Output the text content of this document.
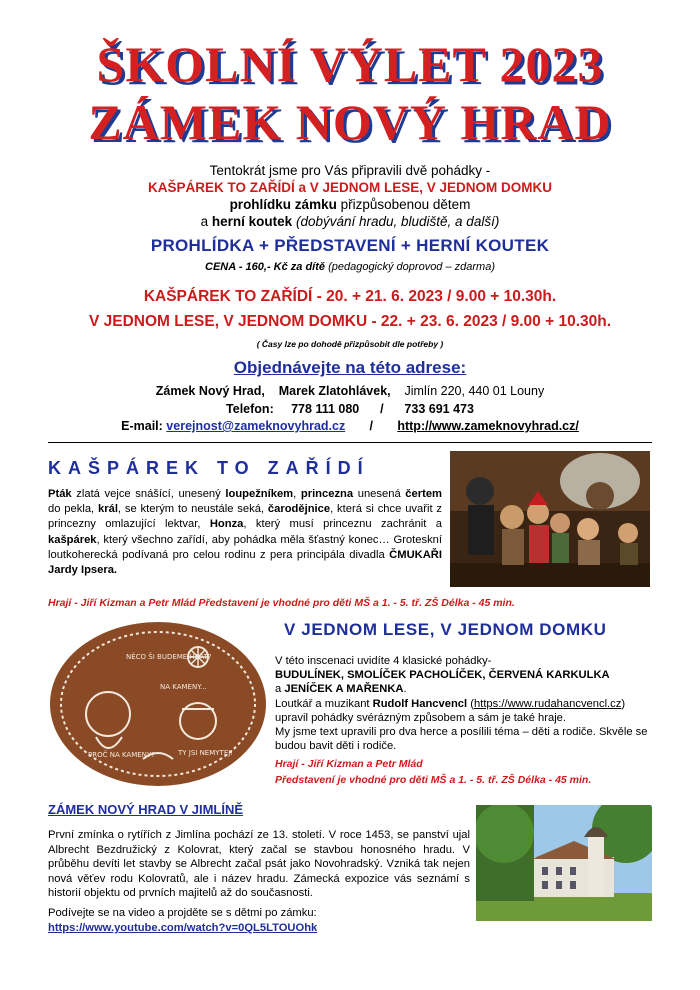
ŠKOLNÍ VÝLET 2023
ZÁMEK NOVÝ HRAD
Tentokrát jsme pro Vás připravili dvě pohádky -
KAŠPÁREK TO ZAŘÍDÍ a V JEDNOM LESE, V JEDNOM DOMKU
prohlídku zámku přizpůsobenou dětem
a herní koutek (dobývání hradu, bludiště, a další)
PROHLÍDKA + PŘEDSTAVENÍ + HERNÍ KOUTEK
CENA - 160,- Kč za dítě (pedagogický doprovod – zdarma)
KAŠPÁREK TO ZAŘÍDÍ - 20. + 21. 6. 2023 / 9.00 + 10.30h.
V JEDNOM LESE, V JEDNOM DOMKU - 22. + 23. 6. 2023 / 9.00 + 10.30h.
( Časy lze po dohodě přizpůsobit dle potřeby )
Objednávejte na této adrese:
Zámek Nový Hrad, Marek Zlatohlávek, Jimlín 220, 440 01 Louny
Telefon: 778 111 080 / 733 691 473
E-mail: verejnost@zameknovyhrad.cz / http://www.zameknovyhrad.cz/
KAŠPÁREK TO ZAŘÍDÍ
Pták zlatá vejce snášící, unesený loupežníkem, princezna unesená čertem do pekla, král, se kterým to neustále seká, čarodějnice, která si chce uvařit z princezny omlazující lektvar, Honza, který musí princeznu zachránit a kašpárek, který všechno zařídí, aby pohádka měla šťastný konec… Groteskní loutkoherecká podívaná pro celou rodinu z pera principála divadla ČMUKAŘI Jardy Ipsera.
Hrají - Jiří Kizman a Petr Mlád Představení je vhodné pro děti MŠ a 1. - 5. tř. ZŠ Délka - 45 min.
NĚCO ŠI BUDEME HRÁT?
NA KAMENY...
PROČ NA KAMENY?	TY JSI NEMYTEJ!
V JEDNOM LESE, V JEDNOM DOMKU
V této inscenaci uvidíte 4 klasické pohádky-
BUDULÍNEK, SMOLÍČEK PACHOLÍČEK, ČERVENÁ KARKULKA
a JENÍČEK A MAŘENKA.
Loutkář a muzikant Rudolf Hancvencl (https://www.rudahancvencl.cz) upravil pohádky svérázným způsobem a sám je také hraje.
My jsme text upravili pro dva herce a posílili téma – děti a rodiče. Skvěle se budou bavit děti i rodiče.
Hrají - Jiří Kizman a Petr Mlád
Představení je vhodné pro děti MŠ a 1. - 5. tř. ZŠ Délka - 45 min.
ZÁMEK NOVÝ HRAD V JIMLÍNĚ
První zmínka o rytířích z Jimlína pochází ze 13. století. V roce 1453, se panství ujal Albrecht Bezdružický z Kolovrat, který začal se stavbou honosného hradu. V průběhu devíti let stavby se Albrecht začal psát jako Novohradský. Vzniká tak nejen nová věťev rodu Kolovratů, ale i název hradu. Zámecká expozice vás seznámí s historií objektu od prvních majitelů až do současnosti.
Podívejte se na video a projděte se s dětmi po zámku:
https://www.youtube.com/watch?v=0QL5LTOUOhk
